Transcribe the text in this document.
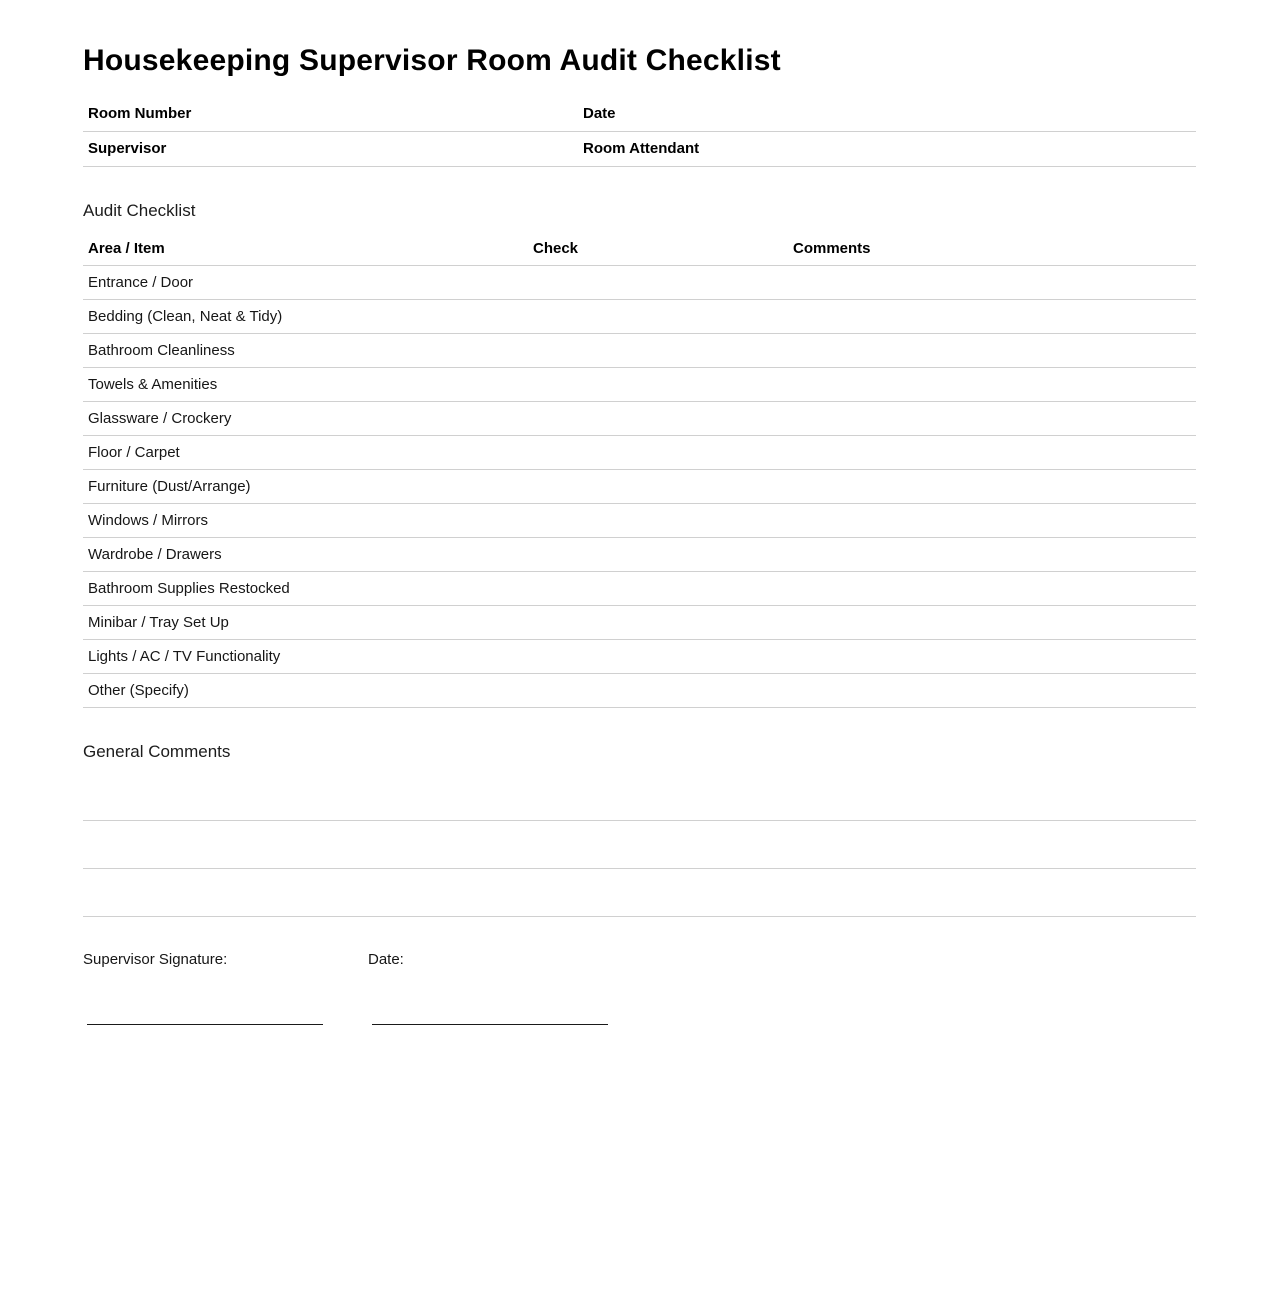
Housekeeping Supervisor Room Audit Checklist
Room Number	Date
Supervisor	Room Attendant
Audit Checklist
Area / Item	Check	Comments
Entrance / Door		
Bedding (Clean, Neat & Tidy)		
Bathroom Cleanliness		
Towels & Amenities		
Glassware / Crockery		
Floor / Carpet		
Furniture (Dust/Arrange)		
Windows / Mirrors		
Wardrobe / Drawers		
Bathroom Supplies Restocked		
Minibar / Tray Set Up		
Lights / AC / TV Functionality		
Other (Specify)		
General Comments

Supervisor Signature:	Date:
